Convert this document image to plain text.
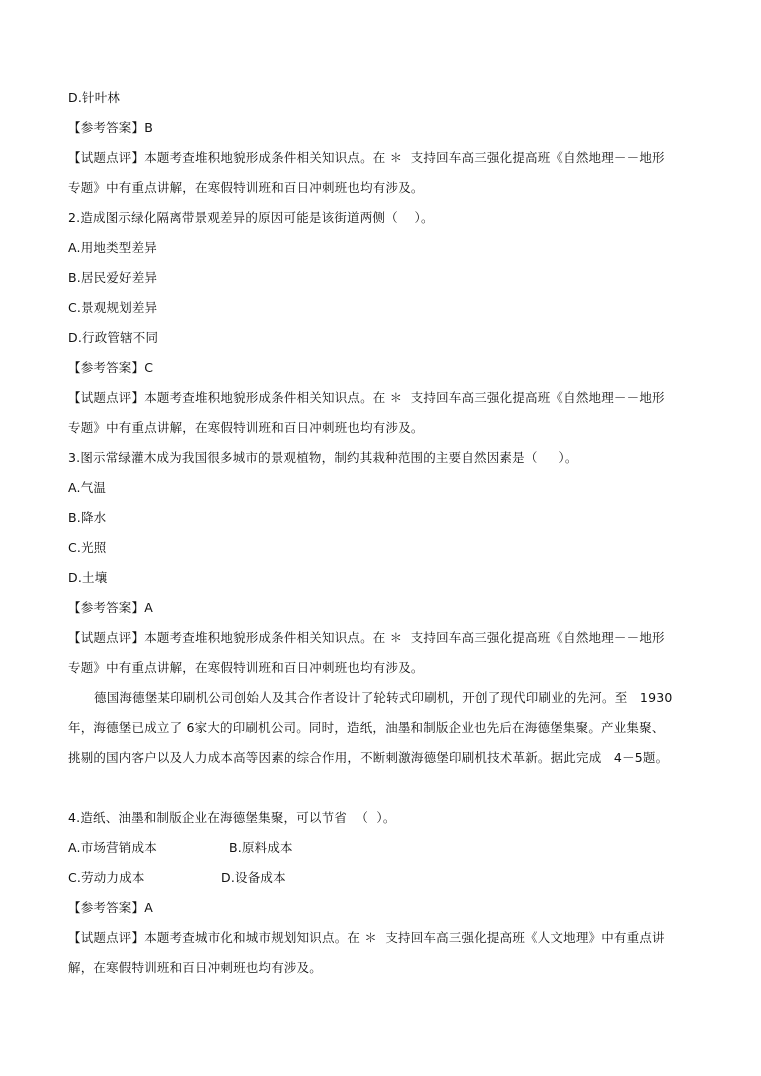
D.针叶林
【参考答案】B
【试题点评】本题考查堆积地貌形成条件相关知识点。在 ＊  支持回车高三强化提高班《自然地理－－地形
专题》中有重点讲解，在寒假特训班和百日冲刺班也均有涉及。
2.造成图示绿化隔离带景观差异的原因可能是该街道两侧（    ）。
A.用地类型差异
B.居民爱好差异
C.景观规划差异
D.行政管辖不同
【参考答案】C
【试题点评】本题考查堆积地貌形成条件相关知识点。在 ＊  支持回车高三强化提高班《自然地理－－地形
专题》中有重点讲解，在寒假特训班和百日冲刺班也均有涉及。
3.图示常绿灌木成为我国很多城市的景观植物，制约其栽种范围的主要自然因素是（     ）。
A.气温
B.降水
C.光照
D.土壤
【参考答案】A
【试题点评】本题考查堆积地貌形成条件相关知识点。在 ＊  支持回车高三强化提高班《自然地理－－地形
专题》中有重点讲解，在寒假特训班和百日冲刺班也均有涉及。
德国海德堡某印刷机公司创始人及其合作者设计了轮转式印刷机，开创了现代印刷业的先河。至   1930
年，海德堡已成立了 6家大的印刷机公司。同时，造纸，油墨和制版企业也先后在海德堡集聚。产业集聚、
挑剔的国内客户以及人力成本高等因素的综合作用，不断刺激海德堡印刷机技术革新。据此完成   4－5题。
4.造纸、油墨和制版企业在海德堡集聚，可以节省  （  ）。
A.市场营销成本	B.原料成本
C.劳动力成本	D.设备成本
【参考答案】A
【试题点评】本题考查城市化和城市规划知识点。在 ＊  支持回车高三强化提高班《人文地理》中有重点讲
解，在寒假特训班和百日冲刺班也均有涉及。
